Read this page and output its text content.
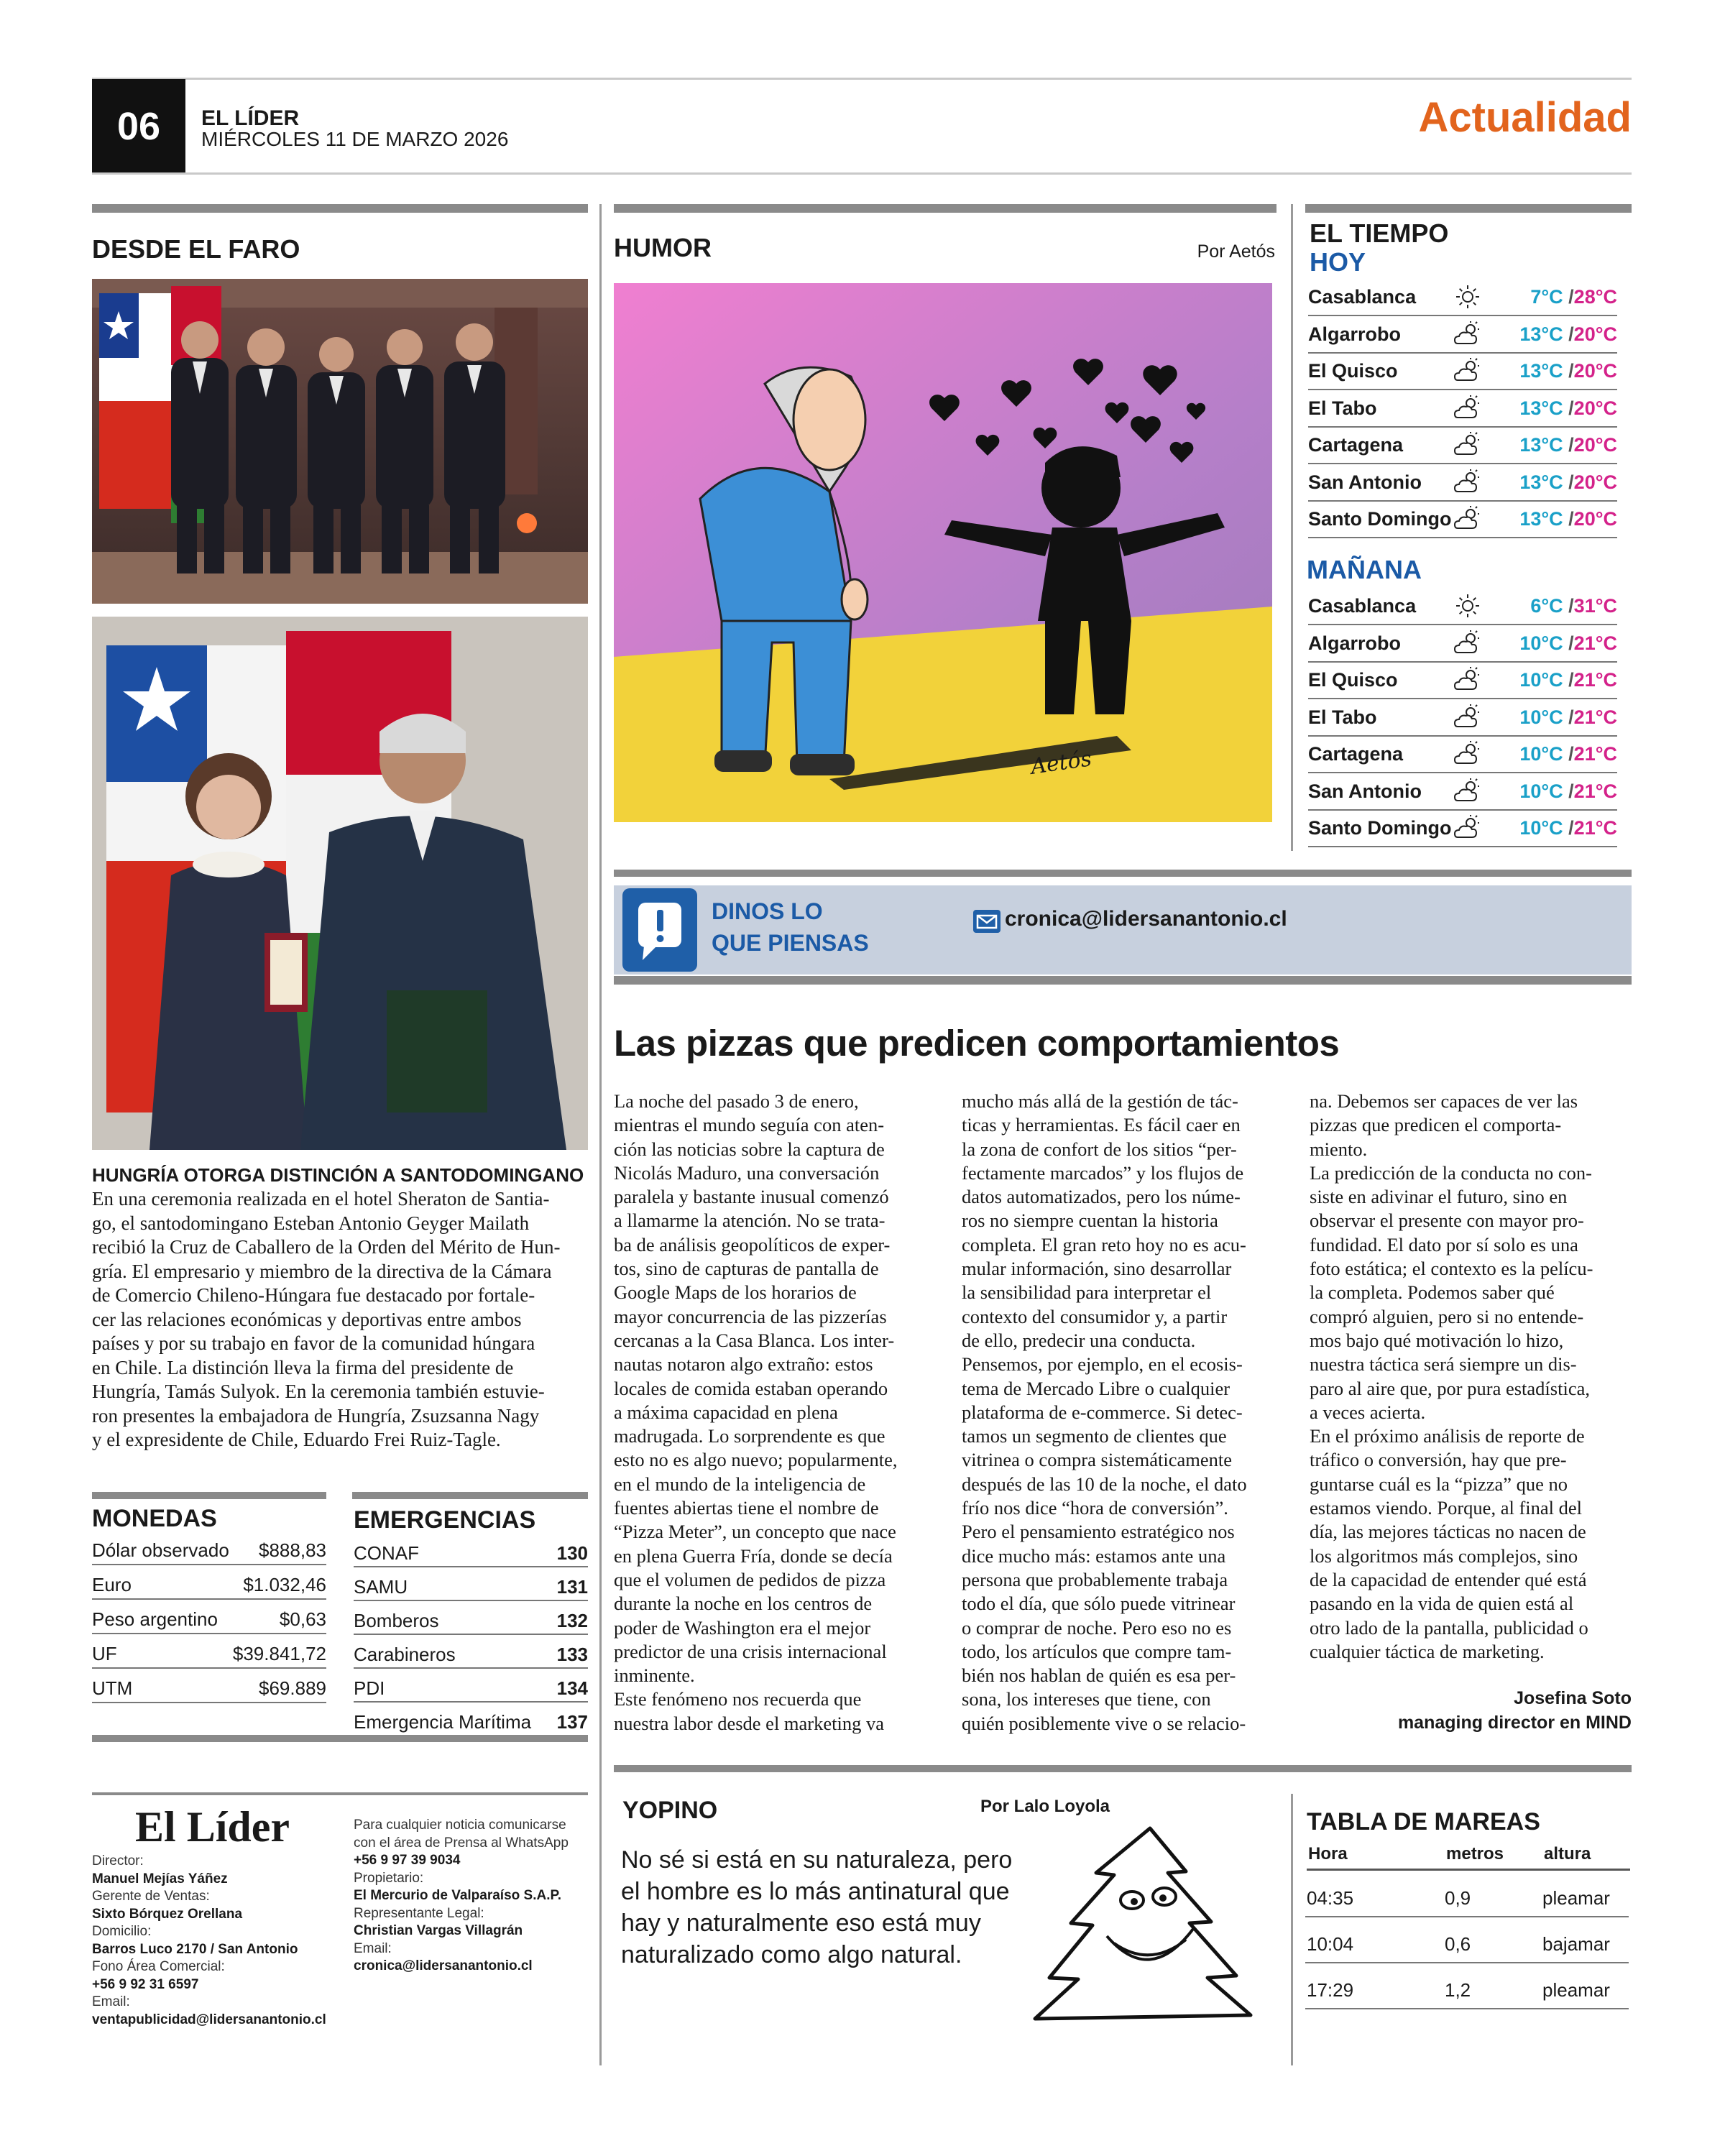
06	EL LÍDER
MIÉRCOLES 11 DE MARZO 2026	Actualidad
DESDE EL FARO
HUNGRÍA OTORGA DISTINCIÓN A SANTODOMINGANO
En una ceremonia realizada en el hotel Sheraton de Santia-
go, el santodomingano Esteban Antonio Geyger Mailath
recibió la Cruz de Caballero de la Orden del Mérito de Hun-
gría. El empresario y miembro de la directiva de la Cámara
de Comercio Chileno-Húngara fue destacado por fortale-
cer las relaciones económicas y deportivas entre ambos
países y por su trabajo en favor de la comunidad húngara
en Chile. La distinción lleva la firma del presidente de
Hungría, Tamás Sulyok. En la ceremonia también estuvie-
ron presentes la embajadora de Hungría, Zsuzsanna Nagy
y el expresidente de Chile, Eduardo Frei Ruiz-Tagle.
MONEDAS
Dólar observado $888,83
Euro	$1.032,46
Peso argentino	$0,63
UF	$39.841,72
UTM	$69.889
EMERGENCIAS
CONAF	130
SAMU	131
Bomberos	132
Carabineros	133
PDI	134
Emergencia Marítima 137
HUMOR	Por Aetós
Aetós
EL TIEMPO
HOY
Casablanca	7°C /28°C
Algarrobo	13°C /20°C
El Quisco	13°C /20°C
El Tabo	13°C /20°C
Cartagena	13°C /20°C
San Antonio	13°C /20°C
Santo Domingo	13°C /20°C
MAÑANA
Casablanca	6°C /31°C
Algarrobo	10°C /21°C
El Quisco	10°C /21°C
El Tabo	10°C /21°C
Cartagena	10°C /21°C
San Antonio	10°C /21°C
Santo Domingo	10°C /21°C
DINOS LO
QUE PIENSAS
cronica@lidersanantonio.cl
Las pizzas que predicen comportamientos
La noche del pasado 3 de enero,
mientras el mundo seguía con aten-
ción las noticias sobre la captura de
Nicolás Maduro, una conversación
paralela y bastante inusual comenzó
a llamarme la atención. No se trata-
ba de análisis geopolíticos de exper-
tos, sino de capturas de pantalla de
Google Maps de los horarios de
mayor concurrencia de las pizzerías
cercanas a la Casa Blanca. Los inter-
nautas notaron algo extraño: estos
locales de comida estaban operando
a máxima capacidad en plena
madrugada. Lo sorprendente es que
esto no es algo nuevo; popularmente,
en el mundo de la inteligencia de
fuentes abiertas tiene el nombre de
“Pizza Meter”, un concepto que nace
en plena Guerra Fría, donde se decía
que el volumen de pedidos de pizza
durante la noche en los centros de
poder de Washington era el mejor
predictor de una crisis internacional
inminente.
Este fenómeno nos recuerda que
nuestra labor desde el marketing va
mucho más allá de la gestión de tác-
ticas y herramientas. Es fácil caer en
la zona de confort de los sitios “per-
fectamente marcados” y los flujos de
datos automatizados, pero los núme-
ros no siempre cuentan la historia
completa. El gran reto hoy no es acu-
mular información, sino desarrollar
la sensibilidad para interpretar el
contexto del consumidor y, a partir
de ello, predecir una conducta.
Pensemos, por ejemplo, en el ecosis-
tema de Mercado Libre o cualquier
plataforma de e-commerce. Si detec-
tamos un segmento de clientes que
vitrinea o compra sistemáticamente
después de las 10 de la noche, el dato
frío nos dice “hora de conversión”.
Pero el pensamiento estratégico nos
dice mucho más: estamos ante una
persona que probablemente trabaja
todo el día, que sólo puede vitrinear
o comprar de noche. Pero eso no es
todo, los artículos que compre tam-
bién nos hablan de quién es esa per-
sona, los intereses que tiene, con
quién posiblemente vive o se relacio-
na. Debemos ser capaces de ver las
pizzas que predicen el comporta-
miento.
La predicción de la conducta no con-
siste en adivinar el futuro, sino en
observar el presente con mayor pro-
fundidad. El dato por sí solo es una
foto estática; el contexto es la pelícu-
la completa. Podemos saber qué
compró alguien, pero si no entende-
mos bajo qué motivación lo hizo,
nuestra táctica será siempre un dis-
paro al aire que, por pura estadística,
a veces acierta.
En el próximo análisis de reporte de
tráfico o conversión, hay que pre-
guntarse cuál es la “pizza” que no
estamos viendo. Porque, al final del
día, las mejores tácticas no nacen de
los algoritmos más complejos, sino
de la capacidad de entender qué está
pasando en la vida de quien está al
otro lado de la pantalla, publicidad o
cualquier táctica de marketing.
Josefina Soto
managing director en MIND
El Líder
Director:
Manuel Mejías Yáñez
Gerente de Ventas:
Sixto Bórquez Orellana
Domicilio:
Barros Luco 2170 / San Antonio
Fono Área Comercial:
+56 9 92 31 6597
Email:
ventapublicidad@lidersanantonio.cl
Para cualquier noticia comunicarse con el área de Prensa al WhatsApp
+56 9 97 39 9034
Propietario:
El Mercurio de Valparaíso S.A.P.
Representante Legal:
Christian Vargas Villagrán
Email:
cronica@lidersanantonio.cl
YOPINO	Por Lalo Loyola
No sé si está en su naturaleza, pero
el hombre es lo más antinatural que
hay y naturalmente eso está muy
naturalizado como algo natural.
TABLA DE MAREAS
Hora	metros altura
04:35	0,9	pleamar
10:04	0,6	bajamar
17:29	1,2	pleamar
